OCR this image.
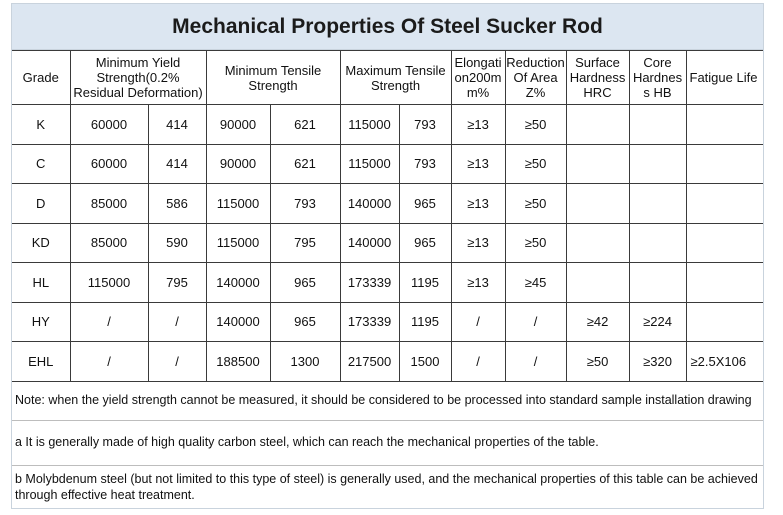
Mechanical Properties Of Steel Sucker Rod
Grade	Minimum Yield Strength(0.2% Residual Deformation)		Minimum Tensile Strength		Maximum Tensile Strength		Elongati on200m m%	Reduction Of Area Z%	Surface Hardness HRC	Core Hardnes s HB	Fatigue Life
K	60000	414	90000	621	115000	793	≥13	≥50			
C	60000	414	90000	621	115000	793	≥13	≥50			
D	85000	586	115000	793	140000	965	≥13	≥50			
KD	85000	590	115000	795	140000	965	≥13	≥50			
HL	115000	795	140000	965	173339	1195	≥13	≥45			
HY	/	/	140000	965	173339	1195	/	/	≥42	≥224	
EHL	/	/	188500	1300	217500	1500	/	/	≥50	≥320	≥2.5X106
Note: when the yield strength cannot be measured, it should be considered to be processed into standard sample installation drawing											
a It is generally made of high quality carbon steel, which can reach the mechanical properties of the table.											
b Molybdenum steel (but not limited to this type of steel) is generally used, and the mechanical properties of this table can be achieved through effective heat treatment.											
